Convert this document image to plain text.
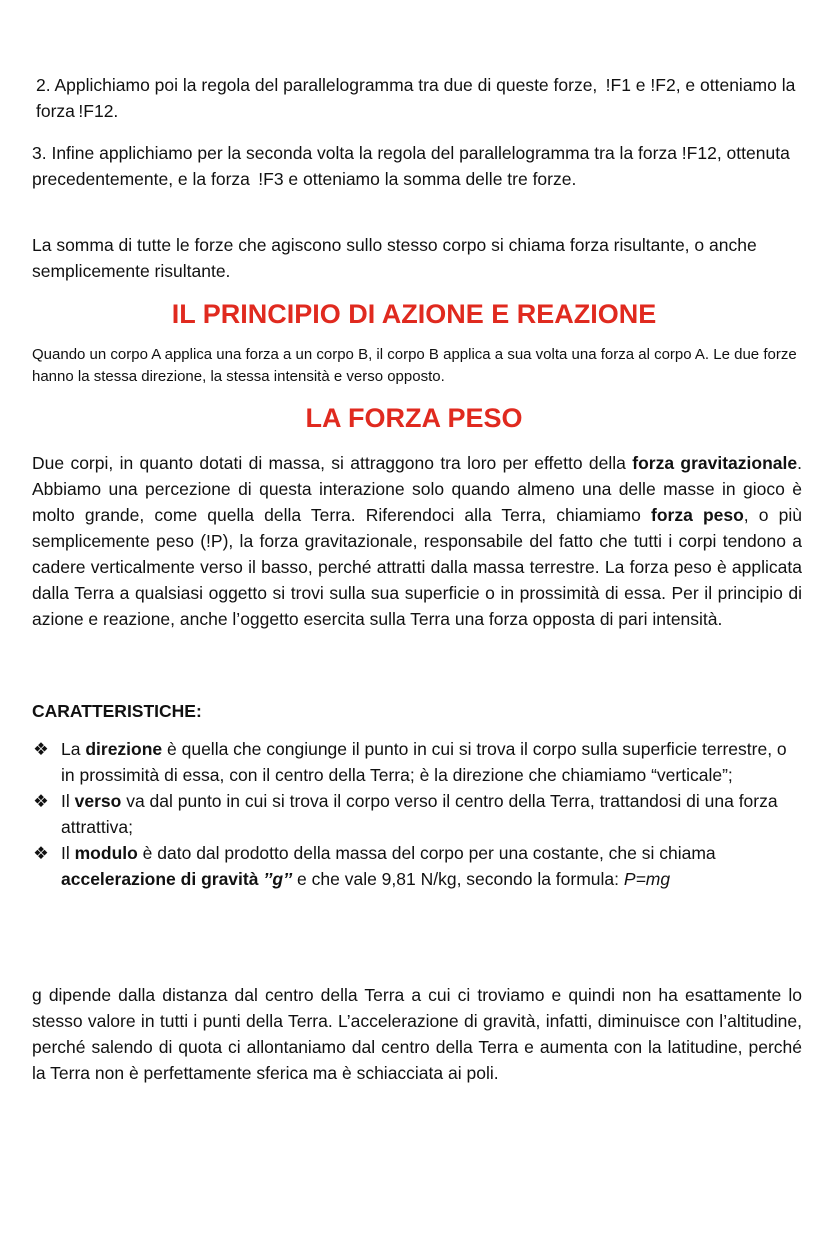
2. Applichiamo poi la regola del parallelogramma tra due di queste forze,  !F1 e !F2, e otteniamo la forza !F12.
3. Infine applichiamo per la seconda volta la regola del parallelogramma tra la forza !F12, ottenuta precedentemente, e la forza  !F3 e otteniamo la somma delle tre forze.
La somma di tutte le forze che agiscono sullo stesso corpo si chiama forza risultante, o anche semplicemente risultante.
IL PRINCIPIO DI AZIONE E REAZIONE
Quando un corpo A applica una forza a un corpo B, il corpo B applica a sua volta una forza al corpo A. Le due forze hanno la stessa direzione, la stessa intensità e verso opposto.
LA FORZA PESO
Due corpi, in quanto dotati di massa, si attraggono tra loro per effetto della forza gravitazionale. Abbiamo una percezione di questa interazione solo quando almeno una delle masse in gioco è molto grande, come quella della Terra. Riferendoci alla Terra, chiamiamo forza peso, o più semplicemente peso (!P), la forza gravitazionale, responsabile del fatto che tutti i corpi tendono a cadere verticalmente verso il basso, perché attratti dalla massa terrestre. La forza peso è applicata dalla Terra a qualsiasi oggetto si trovi sulla sua superficie o in prossimità di essa. Per il principio di azione e reazione, anche l’oggetto esercita sulla Terra una forza opposta di pari intensità.
CARATTERISTICHE:
❖ La direzione è quella che congiunge il punto in cui si trova il corpo sulla superficie terrestre, o in prossimità di essa, con il centro della Terra; è la direzione che chiamiamo “verticale”;
❖ Il verso va dal punto in cui si trova il corpo verso il centro della Terra, trattandosi di una forza attrattiva;
❖ Il modulo è dato dal prodotto della massa del corpo per una costante, che si chiama accelerazione di gravità ’’g’’ e che vale 9,81 N/kg, secondo la formula: P=mg
g dipende dalla distanza dal centro della Terra a cui ci troviamo e quindi non ha esattamente lo stesso valore in tutti i punti della Terra. L’accelerazione di gravità, infatti, diminuisce con l’altitudine, perché salendo di quota ci allontaniamo dal centro della Terra e aumenta con la latitudine, perché la Terra non è perfettamente sferica ma è schiacciata ai poli.
